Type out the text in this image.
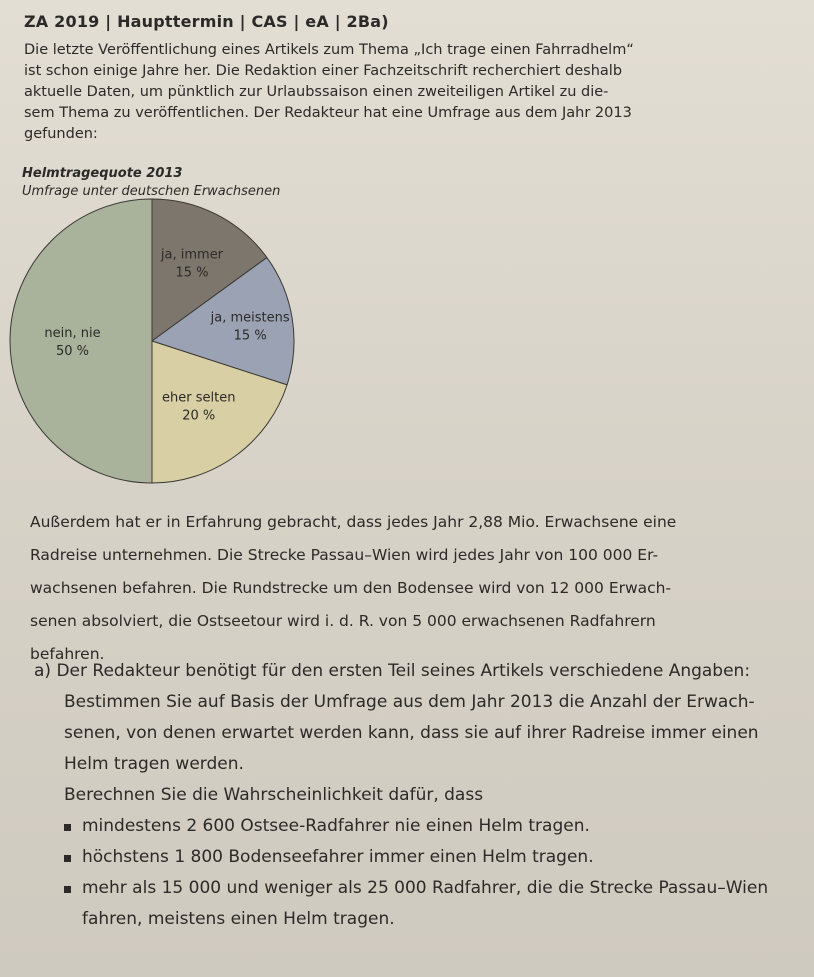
ZA 2019 | Haupttermin | CAS | eA | 2Ba)
Die letzte Veröffentlichung eines Artikels zum Thema „Ich trage einen Fahrradhelm“
ist schon einige Jahre her. Die Redaktion einer Fachzeitschrift recherchiert deshalb
aktuelle Daten, um pünktlich zur Urlaubssaison einen zweiteiligen Artikel zu die-
sem Thema zu veröffentlichen. Der Redakteur hat eine Umfrage aus dem Jahr 2013
gefunden:
Helmtragequote 2013
Umfrage unter deutschen Erwachsenen
ja, immer
15 %
ja, meistens
15 %
eher selten
20 %
nein, nie
50 %
Außerdem hat er in Erfahrung gebracht, dass jedes Jahr 2,88 Mio. Erwachsene eine
Radreise unternehmen. Die Strecke Passau–Wien wird jedes Jahr von 100 000 Er-
wachsenen befahren. Die Rundstrecke um den Bodensee wird von 12 000 Erwach-
senen absolviert, die Ostseetour wird i. d. R. von 5 000 erwachsenen Radfahrern
befahren.

a) Der Redakteur benötigt für den ersten Teil seines Artikels verschiedene Angaben:

Bestimmen Sie auf Basis der Umfrage aus dem Jahr 2013 die Anzahl der Erwach-
senen, von denen erwartet werden kann, dass sie auf ihrer Radreise immer einen
Helm tragen werden.
Berechnen Sie die Wahrscheinlichkeit dafür, dass
mindestens 2 600 Ostsee-Radfahrer nie einen Helm tragen.
höchstens 1 800 Bodenseefahrer immer einen Helm tragen.
mehr als 15 000 und weniger als 25 000 Radfahrer, die die Strecke Passau–Wien
fahren, meistens einen Helm tragen.
